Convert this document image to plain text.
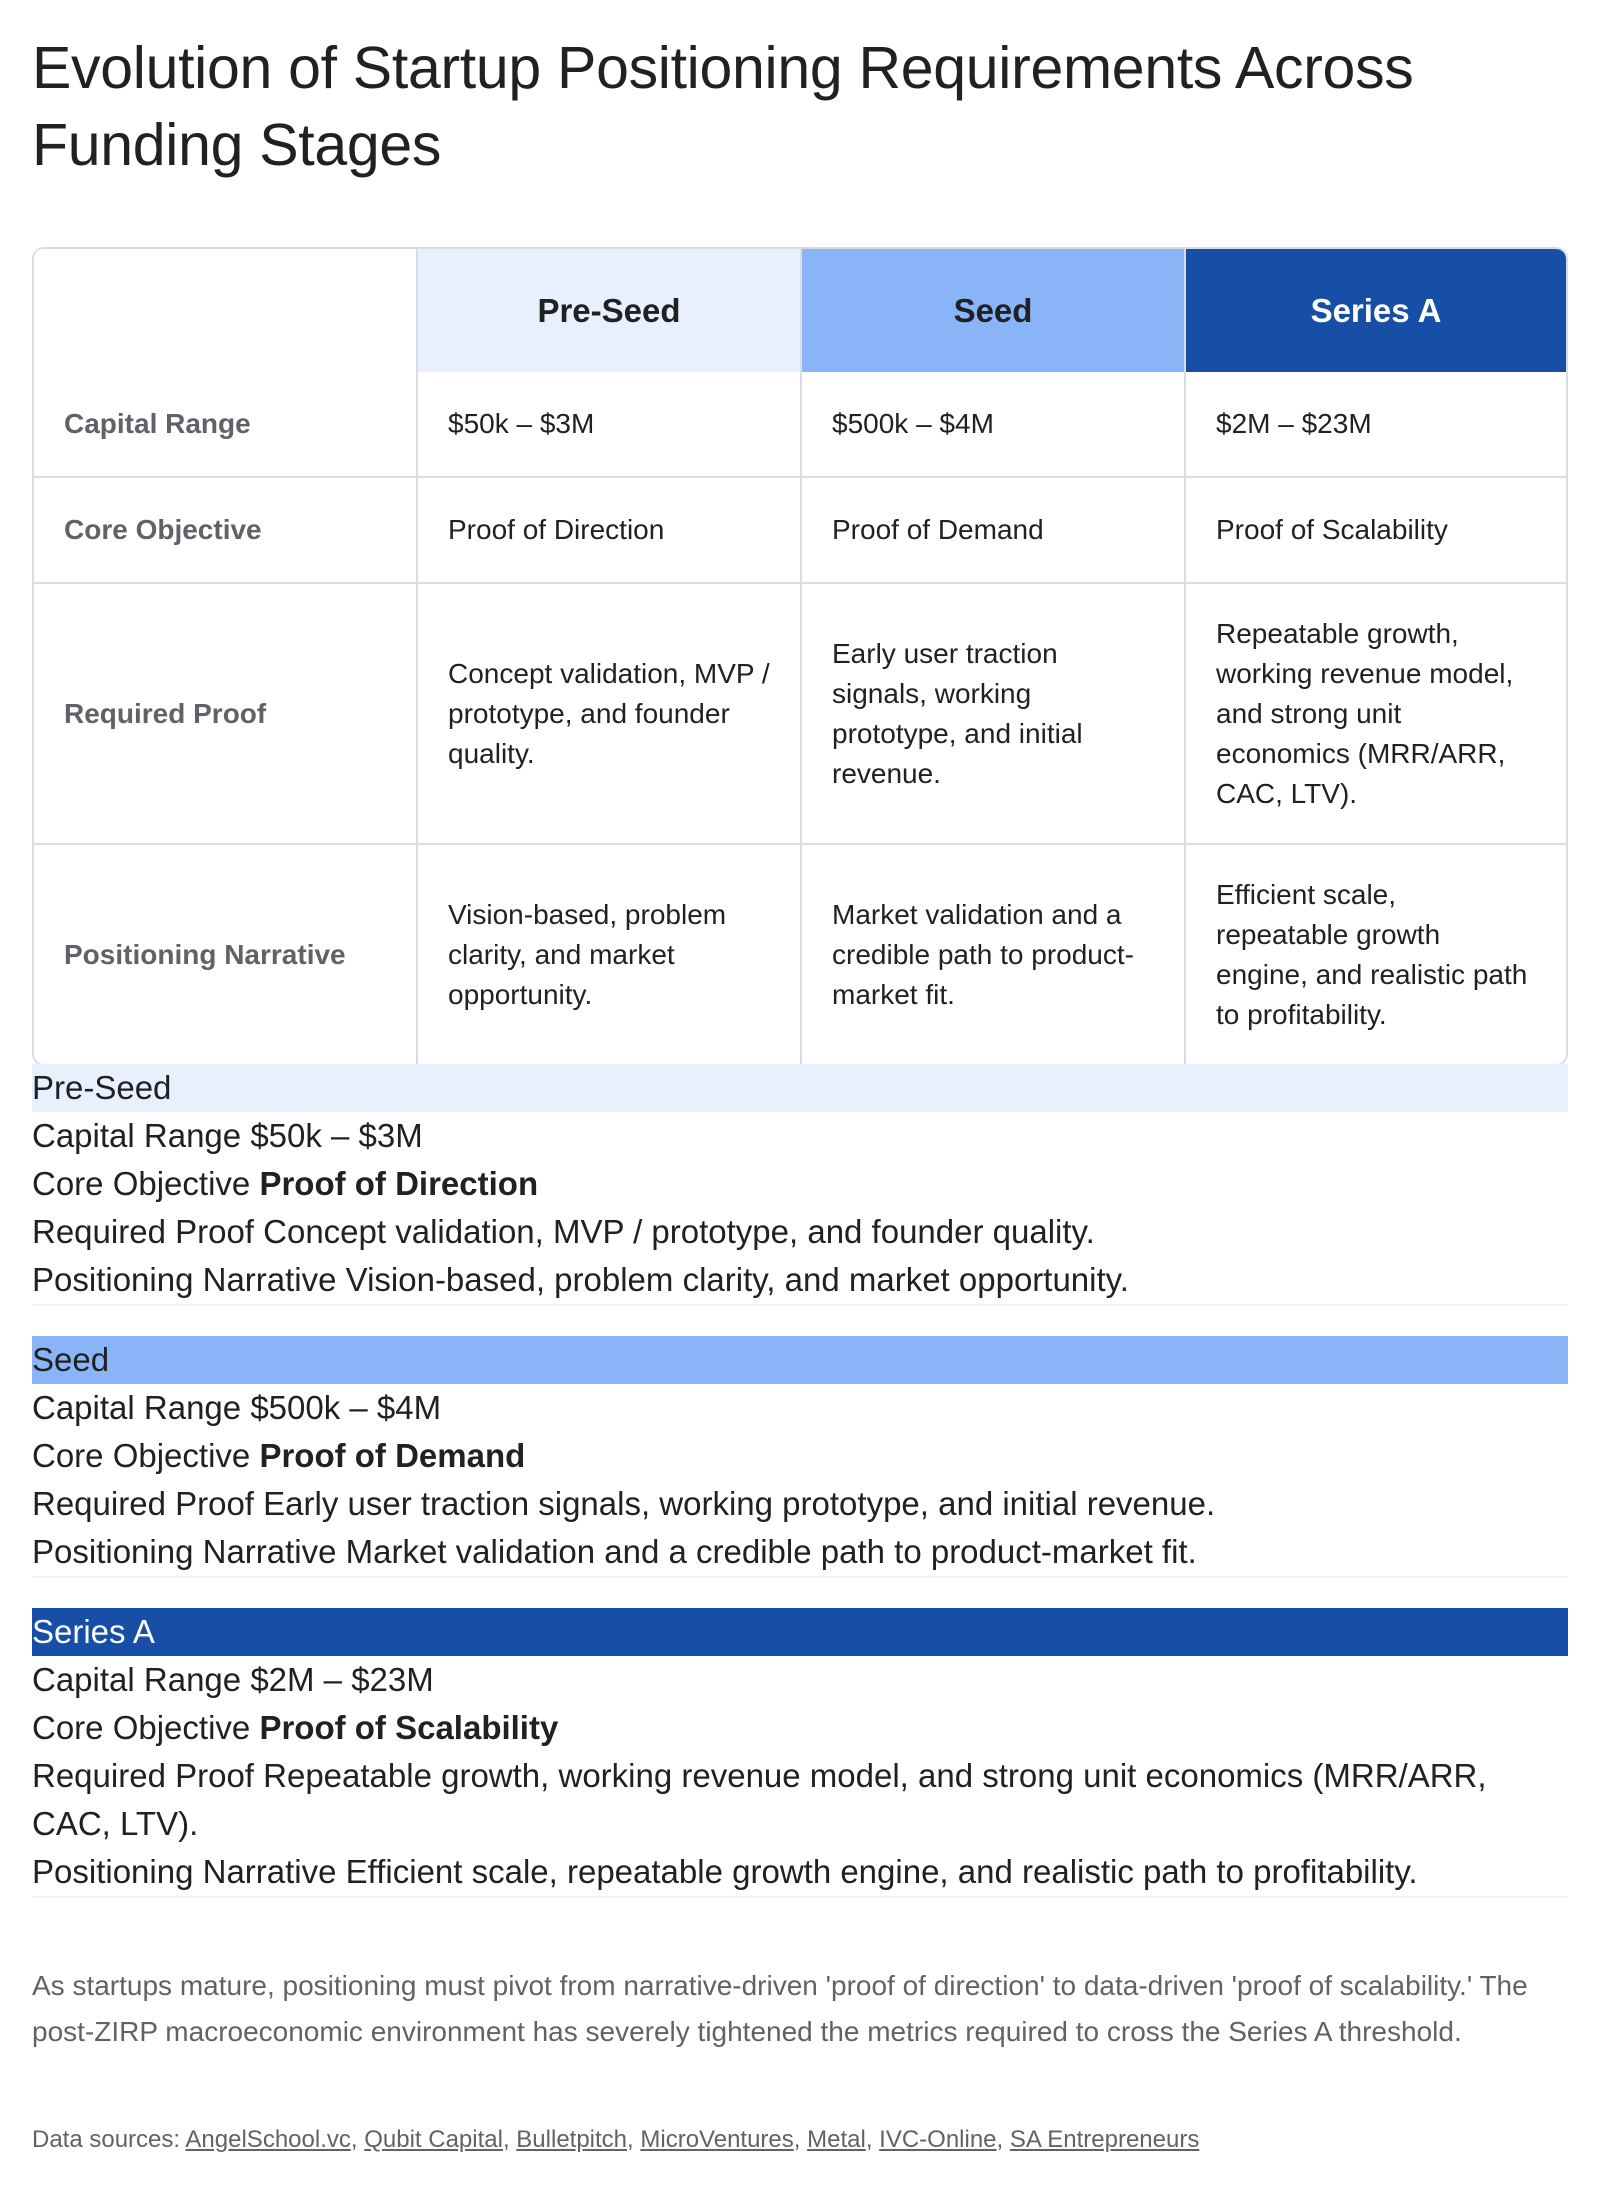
Evolution of Startup Positioning Requirements Across Funding Stages
	Pre-Seed	Seed	Series A
Capital Range	$50k – $3M	$500k – $4M	$2M – $23M
Core Objective	Proof of Direction	Proof of Demand	Proof of Scalability
Required Proof	Concept validation, MVP / prototype, and founder quality.	Early user traction signals, working prototype, and initial revenue.	Repeatable growth, working revenue model, and strong unit economics (MRR/ARR, CAC, LTV).
Positioning Narrative	Vision-based, problem clarity, and market opportunity.	Market validation and a credible path to product-market fit.	Efficient scale, repeatable growth engine, and realistic path to profitability.
Pre-Seed
Capital Range $50k – $3M
Core Objective Proof of Direction
Required Proof Concept validation, MVP / prototype, and founder quality.
Positioning Narrative Vision-based, problem clarity, and market opportunity.
Seed
Capital Range $500k – $4M
Core Objective Proof of Demand
Required Proof Early user traction signals, working prototype, and initial revenue.
Positioning Narrative Market validation and a credible path to product-market fit.
Series A
Capital Range $2M – $23M
Core Objective Proof of Scalability
Required Proof Repeatable growth, working revenue model, and strong unit economics (MRR/ARR, CAC, LTV).
Positioning Narrative Efficient scale, repeatable growth engine, and realistic path to profitability.

As startups mature, positioning must pivot from narrative-driven 'proof of direction' to data-driven 'proof of scalability.' The post-ZIRP macroeconomic environment has severely tightened the metrics required to cross the Series A threshold.

Data sources: AngelSchool.vc, Qubit Capital, Bulletpitch, MicroVentures, Metal, IVC-Online, SA Entrepreneurs
